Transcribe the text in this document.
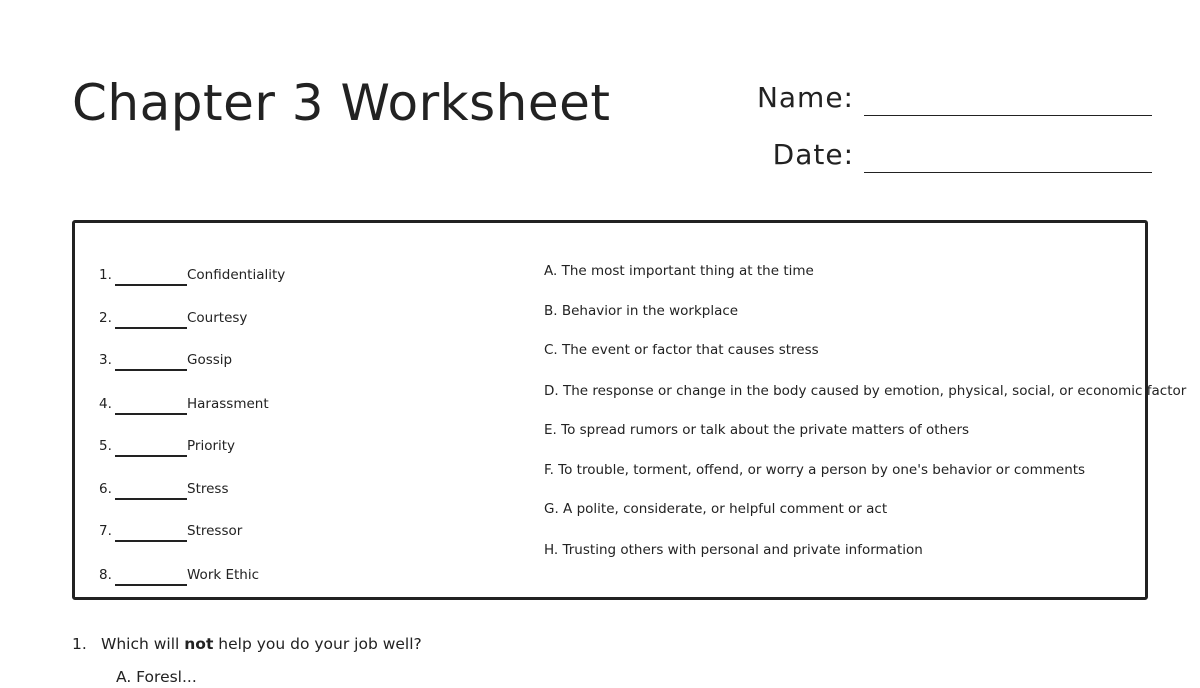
Chapter 3 Worksheet	Name:
Date:
1.	Confidentiality
2.	Courtesy
3.	Gossip
4.	Harassment
5.	Priority
6.	Stress
7.	Stressor
8.	Work Ethic
A. The most important thing at the time
B. Behavior in the workplace
C. The event or factor that causes stress
D. The response or change in the body caused by emotion, physical, social, or economic factor
E. To spread rumors or talk about the private matters of others
F. To trouble, torment, offend, or worry a person by one's behavior or comments
G. A polite, considerate, or helpful comment or act
H. Trusting others with personal and private information
1. Which will not help you do your job well?
A. Foresl...
